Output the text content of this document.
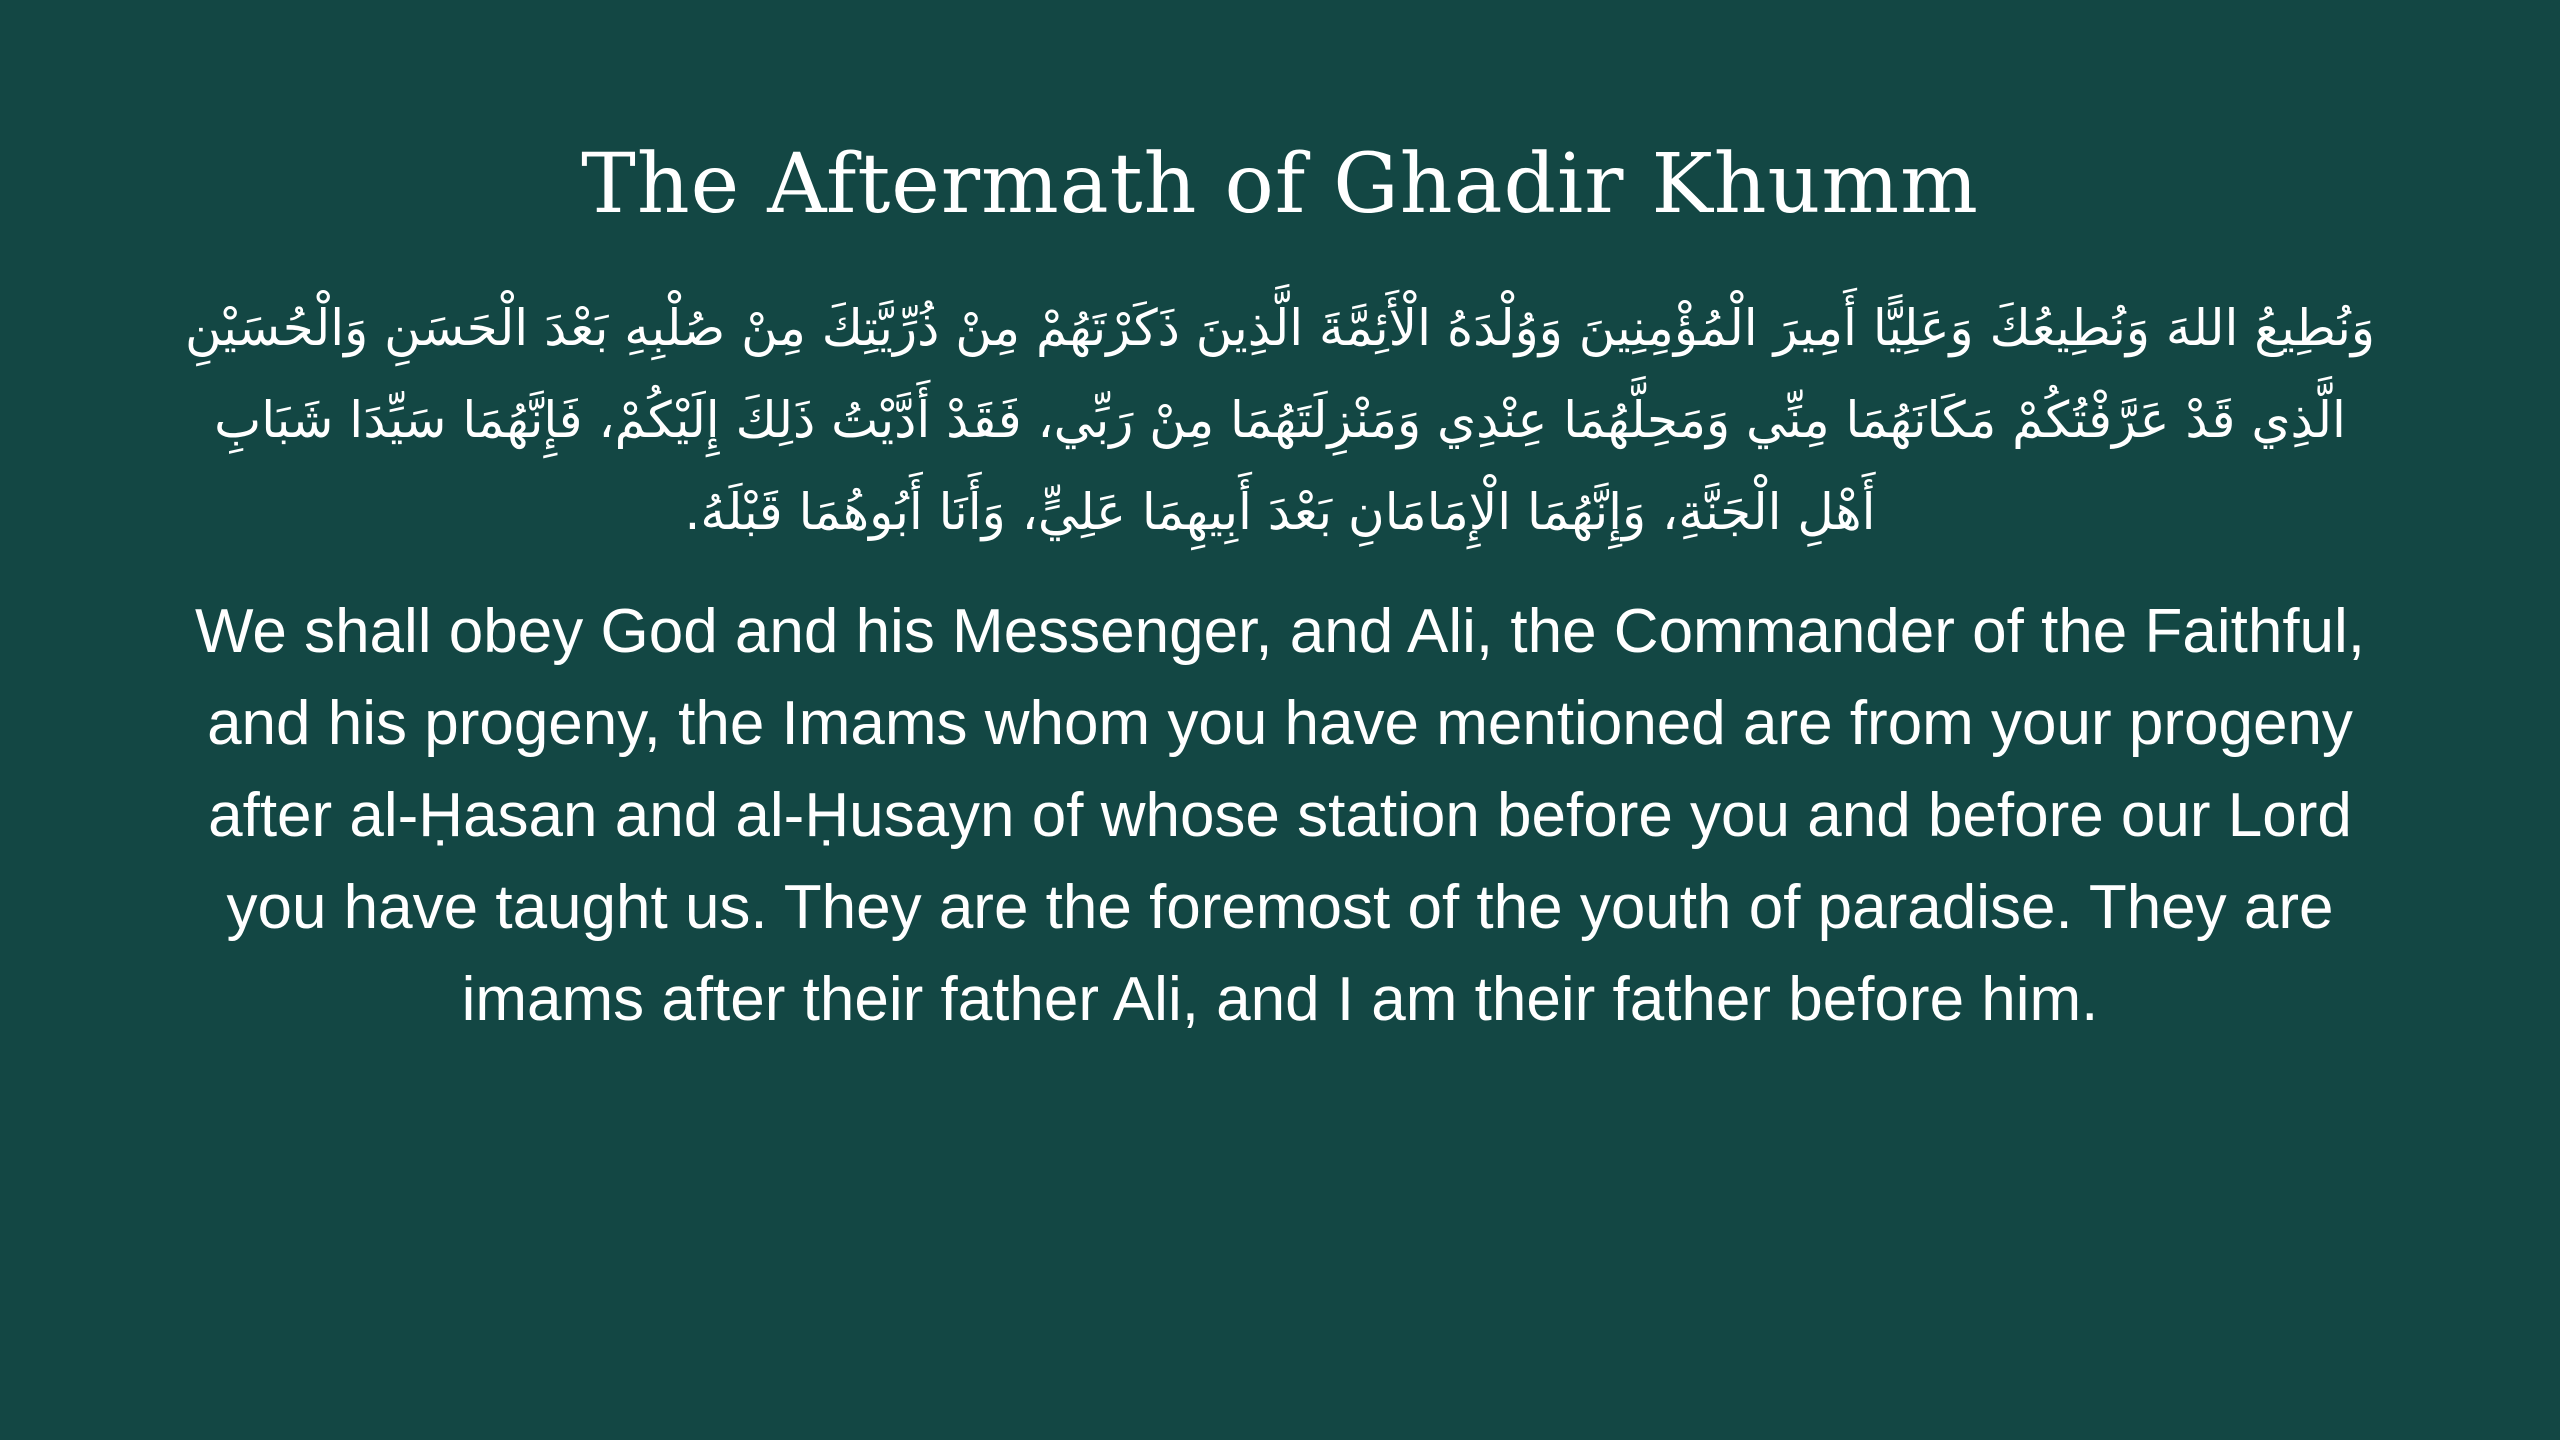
The Aftermath of Ghadir Khumm

وَنُطِيعُ اللهَ وَنُطِيعُكَ وَعَلِيًّا أَمِيرَ الْمُؤْمِنِينَ وَوُلْدَهُ الْأَئِمَّةَ الَّذِينَ ذَكَرْتَهُمْ مِنْ ذُرِّيَّتِكَ مِنْ صُلْبِهِ بَعْدَ الْحَسَنِ وَالْحُسَيْنِ الَّذِي قَدْ عَرَّفْتُكُمْ مَكَانَهُمَا مِنِّي وَمَحِلَّهُمَا عِنْدِي وَمَنْزِلَتَهُمَا مِنْ رَبِّي، فَقَدْ أَدَّيْتُ ذَلِكَ إِلَيْكُمْ، فَإِنَّهُمَا سَيِّدَا شَبَابِ أَهْلِ الْجَنَّةِ، وَإِنَّهُمَا الْإِمَامَانِ بَعْدَ أَبِيهِمَا عَلِيٍّ، وَأَنَا أَبُوهُمَا قَبْلَهُ.

We shall obey God and his Messenger, and Ali, the Commander of the Faithful, and his progeny, the Imams whom you have mentioned are from your progeny after al-Ḥasan and al-Ḥusayn of whose station before you and before our Lord you have taught us. They are the foremost of the youth of paradise. They are imams after their father Ali, and I am their father before him.
